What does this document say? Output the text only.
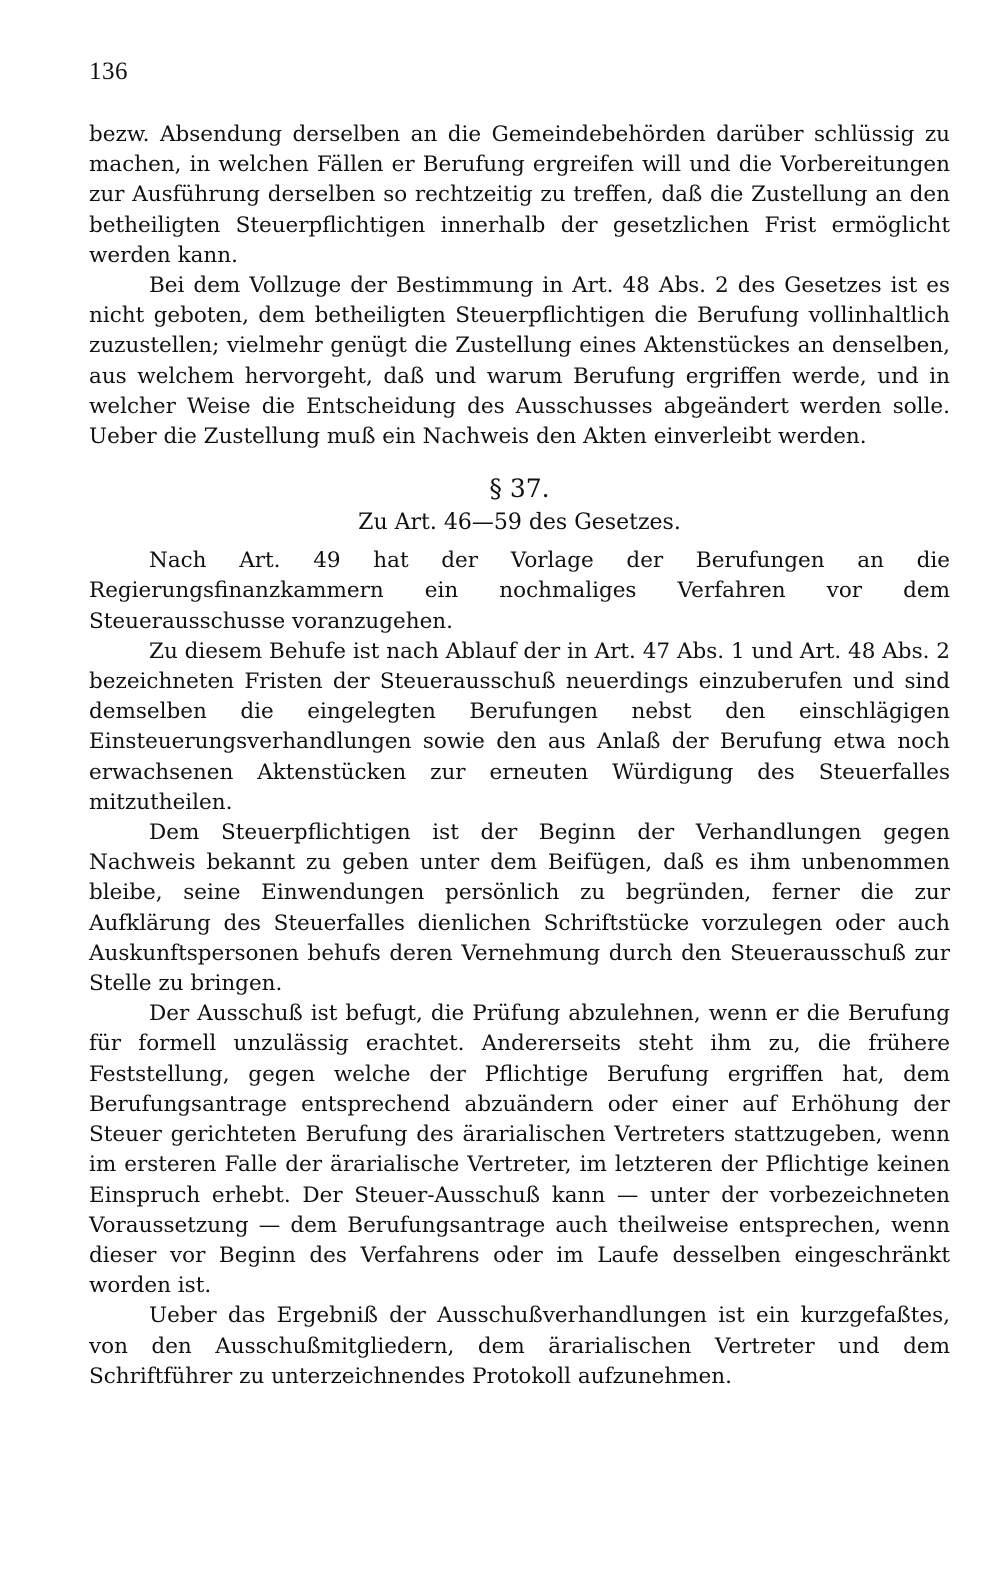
136

bezw. Absendung derselben an die Gemeindebehörden darüber schlüssig zu machen, in welchen Fällen er Berufung ergreifen will und die Vorbereitungen zur Ausführung derselben so rechtzeitig zu treffen, daß die Zustellung an den betheiligten Steuerpflichtigen innerhalb der gesetzlichen Frist ermöglicht werden kann.

Bei dem Vollzuge der Bestimmung in Art. 48 Abs. 2 des Gesetzes ist es nicht geboten, dem betheiligten Steuerpflichtigen die Berufung vollinhaltlich zuzustellen; vielmehr genügt die Zustellung eines Aktenstückes an denselben, aus welchem hervorgeht, daß und warum Berufung ergriffen werde, und in welcher Weise die Entscheidung des Ausschusses abgeändert werden solle. Ueber die Zustellung muß ein Nachweis den Akten einverleibt werden.

§ 37.
Zu Art. 46—59 des Gesetzes.

Nach Art. 49 hat der Vorlage der Berufungen an die Regierungsfinanzkammern ein nochmaliges Verfahren vor dem Steuerausschusse voranzugehen.

Zu diesem Behufe ist nach Ablauf der in Art. 47 Abs. 1 und Art. 48 Abs. 2 bezeichneten Fristen der Steuerausschuß neuerdings einzuberufen und sind demselben die eingelegten Berufungen nebst den einschlägigen Einsteuerungsverhandlungen sowie den aus Anlaß der Berufung etwa noch erwachsenen Aktenstücken zur erneuten Würdigung des Steuerfalles mitzutheilen.

Dem Steuerpflichtigen ist der Beginn der Verhandlungen gegen Nachweis bekannt zu geben unter dem Beifügen, daß es ihm unbenommen bleibe, seine Einwendungen persönlich zu begründen, ferner die zur Aufklärung des Steuerfalles dienlichen Schriftstücke vorzulegen oder auch Auskunftspersonen behufs deren Vernehmung durch den Steuerausschuß zur Stelle zu bringen.

Der Ausschuß ist befugt, die Prüfung abzulehnen, wenn er die Berufung für formell unzulässig erachtet. Andererseits steht ihm zu, die frühere Feststellung, gegen welche der Pflichtige Berufung ergriffen hat, dem Berufungsantrage entsprechend abzuändern oder einer auf Erhöhung der Steuer gerichteten Berufung des ärarialischen Vertreters stattzugeben, wenn im ersteren Falle der ärarialische Vertreter, im letzteren der Pflichtige keinen Einspruch erhebt. Der Steuer-Ausschuß kann — unter der vorbezeichneten Voraussetzung — dem Berufungsantrage auch theilweise entsprechen, wenn dieser vor Beginn des Verfahrens oder im Laufe desselben eingeschränkt worden ist.

Ueber das Ergebniß der Ausschußverhandlungen ist ein kurzgefaßtes, von den Ausschußmitgliedern, dem ärarialischen Vertreter und dem Schriftführer zu unterzeichnendes Protokoll aufzunehmen.
